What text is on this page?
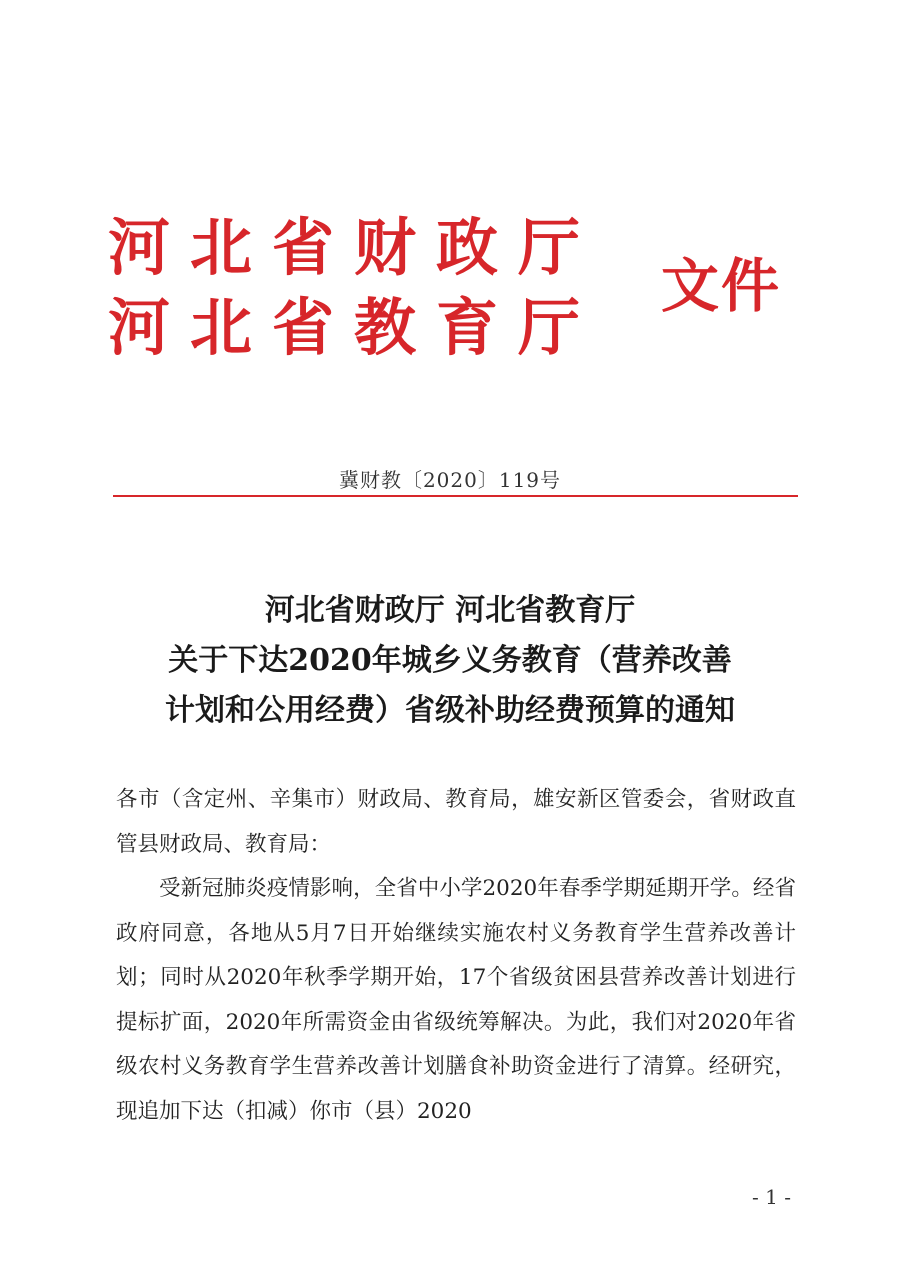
河北省财政厅
河北省教育厅
文件
冀财教〔2020〕119号
河北省财政厅 河北省教育厅
关于下达2020年城乡义务教育（营养改善
计划和公用经费）省级补助经费预算的通知

各市（含定州、辛集市）财政局、教育局，雄安新区管委会，省财政直管县财政局、教育局：

受新冠肺炎疫情影响，全省中小学2020年春季学期延期开学。经省政府同意，各地从5月7日开始继续实施农村义务教育学生营养改善计划；同时从2020年秋季学期开始，17个省级贫困县营养改善计划进行提标扩面，2020年所需资金由省级统筹解决。为此，我们对2020年省级农村义务教育学生营养改善计划膳食补助资金进行了清算。经研究，现追加下达（扣减）你市（县）2020

- 1 -
